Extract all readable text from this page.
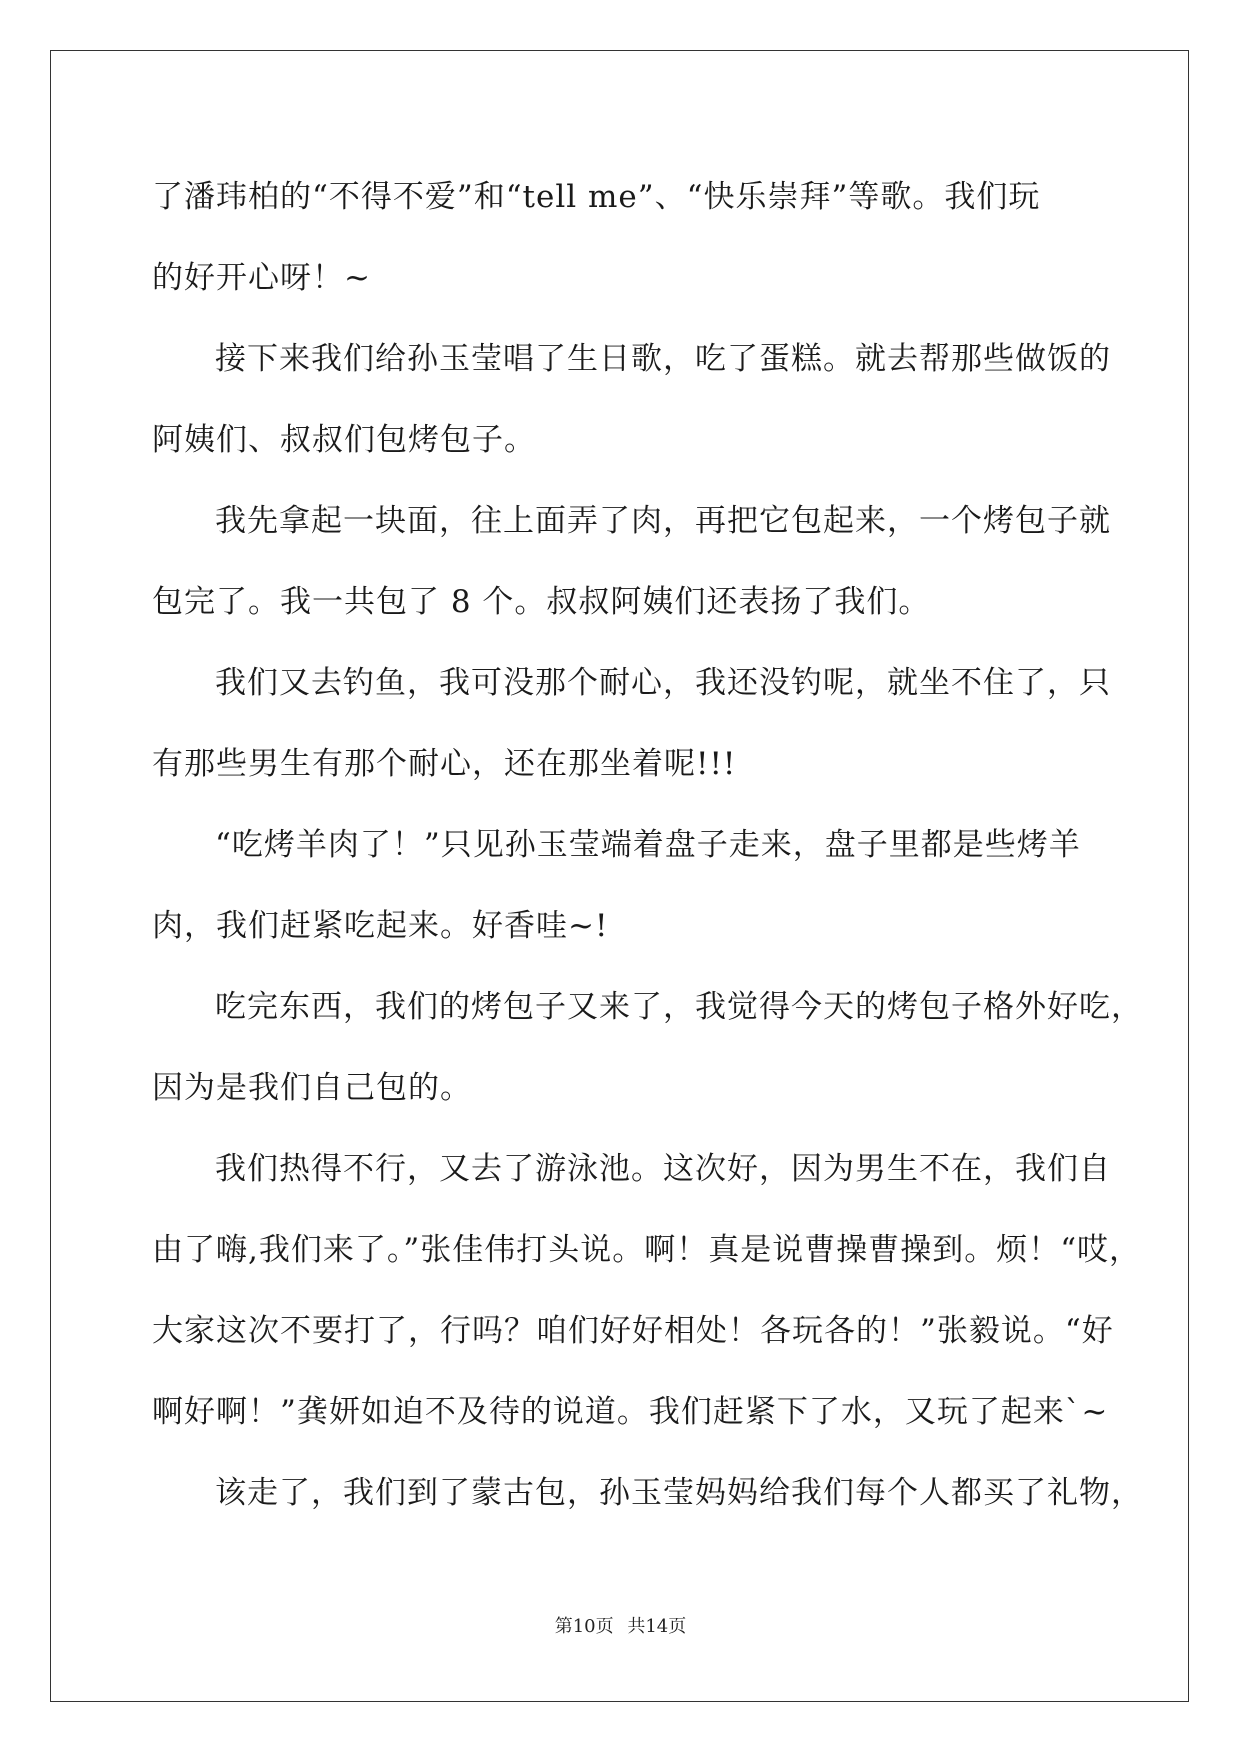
了潘玮柏的“不得不爱”和“tell me”、“快乐崇拜”等歌。我们玩
的好开心呀！~
接下来我们给孙玉莹唱了生日歌，吃了蛋糕。就去帮那些做饭的
阿姨们、叔叔们包烤包子。
我先拿起一块面，往上面弄了肉，再把它包起来，一个烤包子就
包完了。我一共包了 8 个。叔叔阿姨们还表扬了我们。
我们又去钓鱼，我可没那个耐心，我还没钓呢，就坐不住了，只
有那些男生有那个耐心，还在那坐着呢!!!
“吃烤羊肉了！”只见孙玉莹端着盘子走来，盘子里都是些烤羊
肉，我们赶紧吃起来。好香哇~!
吃完东西，我们的烤包子又来了，我觉得今天的烤包子格外好吃，
因为是我们自己包的。
我们热得不行，又去了游泳池。这次好，因为男生不在，我们自
由了嗨,我们来了。”张佳伟打头说。啊！真是说曹操曹操到。烦！“哎，
大家这次不要打了，行吗？咱们好好相处！各玩各的！”张毅说。“好
啊好啊！”龚妍如迫不及待的说道。我们赶紧下了水，又玩了起来`~
该走了，我们到了蒙古包，孙玉莹妈妈给我们每个人都买了礼物，
第10页 共14页
